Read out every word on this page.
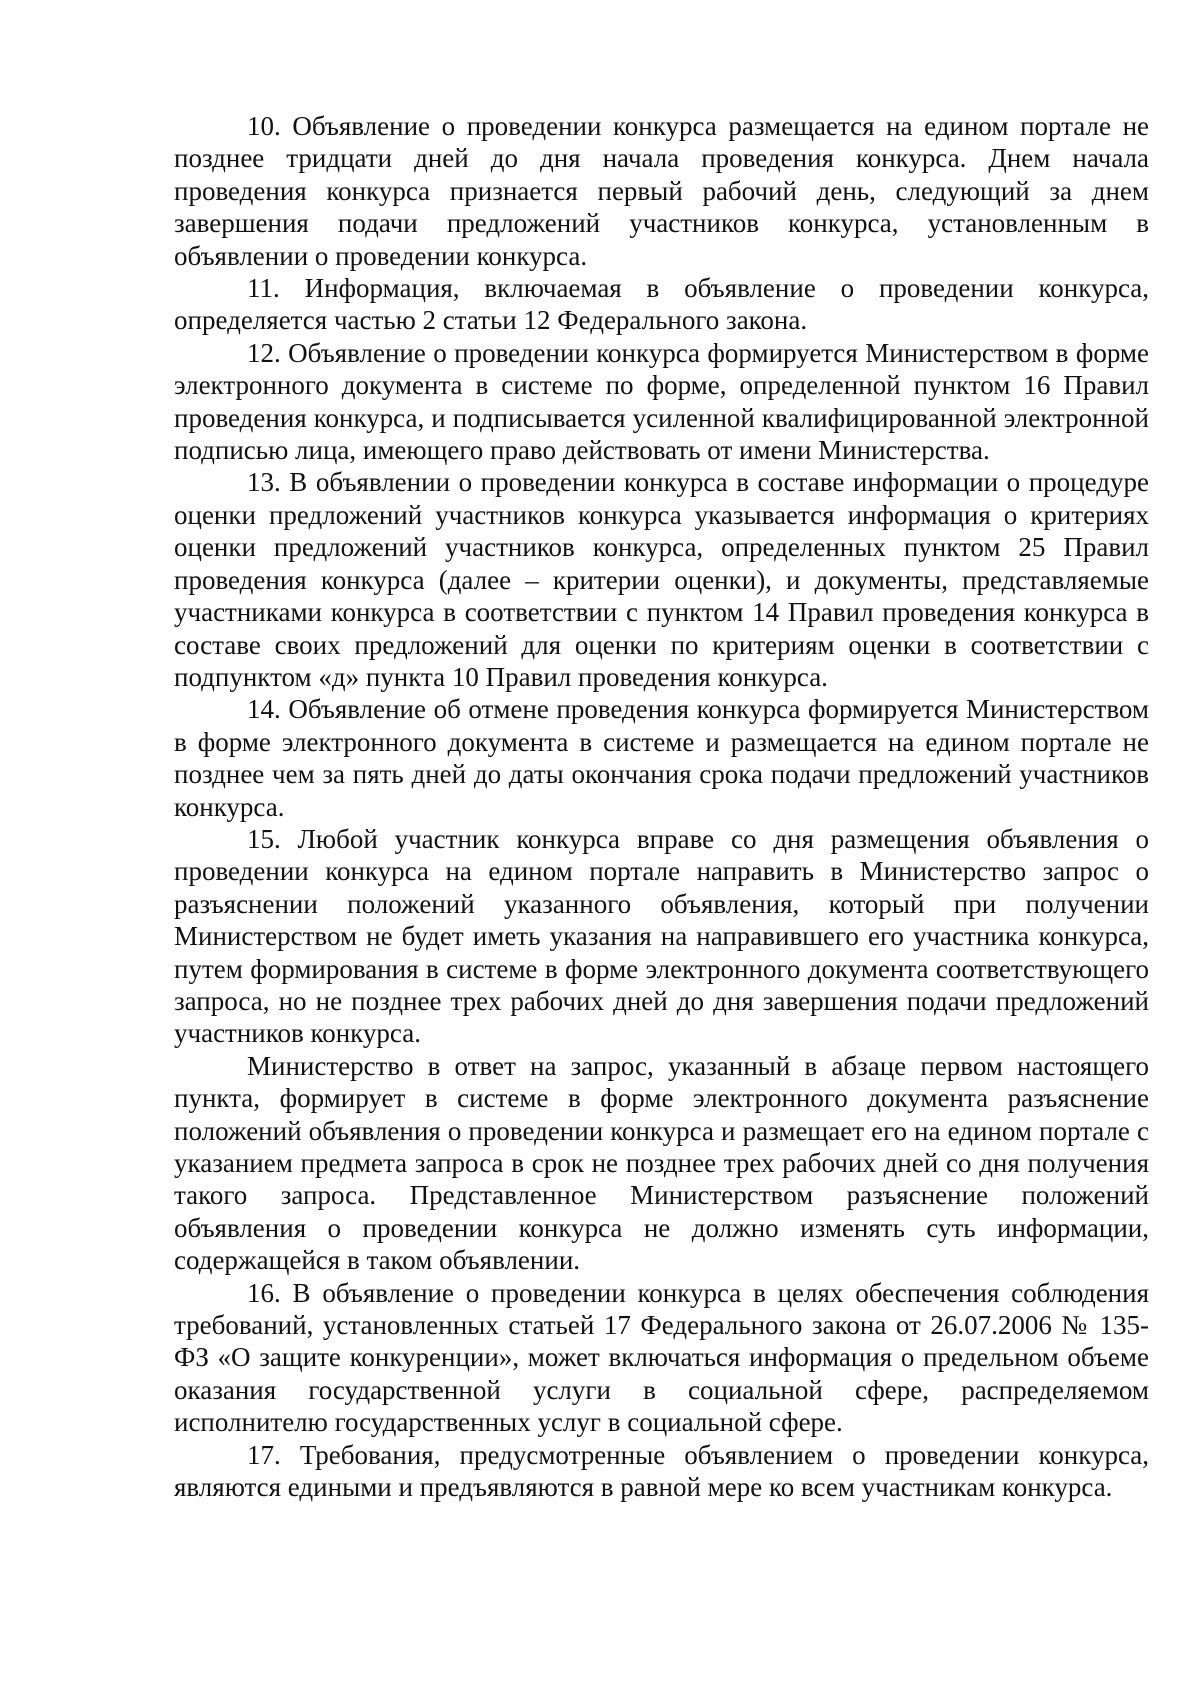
10. Объявление о проведении конкурса размещается на едином портале не позднее тридцати дней до дня начала проведения конкурса. Днем начала проведения конкурса признается первый рабочий день, следующий за днем завершения подачи предложений участников конкурса, установленным в объявлении о проведении конкурса.

11. Информация, включаемая в объявление о проведении конкурса, определяется частью 2 статьи 12 Федерального закона.

12. Объявление о проведении конкурса формируется Министерством в форме электронного документа в системе по форме, определенной пунктом 16 Правил проведения конкурса, и подписывается усиленной квалифицированной электронной подписью лица, имеющего право действовать от имени Министерства.

13. В объявлении о проведении конкурса в составе информации о процедуре оценки предложений участников конкурса указывается информация о критериях оценки предложений участников конкурса, определенных пунктом 25 Правил проведения конкурса (далее – критерии оценки), и документы, представляемые участниками конкурса в соответствии с пунктом 14 Правил проведения конкурса в составе своих предложений для оценки по критериям оценки в соответствии с подпунктом «д» пункта 10 Правил проведения конкурса.

14. Объявление об отмене проведения конкурса формируется Министерством в форме электронного документа в системе и размещается на едином портале не позднее чем за пять дней до даты окончания срока подачи предложений участников конкурса.

15. Любой участник конкурса вправе со дня размещения объявления о проведении конкурса на едином портале направить в Министерство запрос о разъяснении положений указанного объявления, который при получении Министерством не будет иметь указания на направившего его участника конкурса, путем формирования в системе в форме электронного документа соответствующего запроса, но не позднее трех рабочих дней до дня завершения подачи предложений участников конкурса.

Министерство в ответ на запрос, указанный в абзаце первом настоящего пункта, формирует в системе в форме электронного документа разъяснение положений объявления о проведении конкурса и размещает его на едином портале с указанием предмета запроса в срок не позднее трех рабочих дней со дня получения такого запроса. Представленное Министерством разъяснение положений объявления о проведении конкурса не должно изменять суть информации, содержащейся в таком объявлении.

16. В объявление о проведении конкурса в целях обеспечения соблюдения требований, установленных статьей 17 Федерального закона от 26.07.2006 № 135-ФЗ «О защите конкуренции», может включаться информация о предельном объеме оказания государственной услуги в социальной сфере, распределяемом исполнителю государственных услуг в социальной сфере.

17. Требования, предусмотренные объявлением о проведении конкурса, являются едиными и предъявляются в равной мере ко всем участникам конкурса.
